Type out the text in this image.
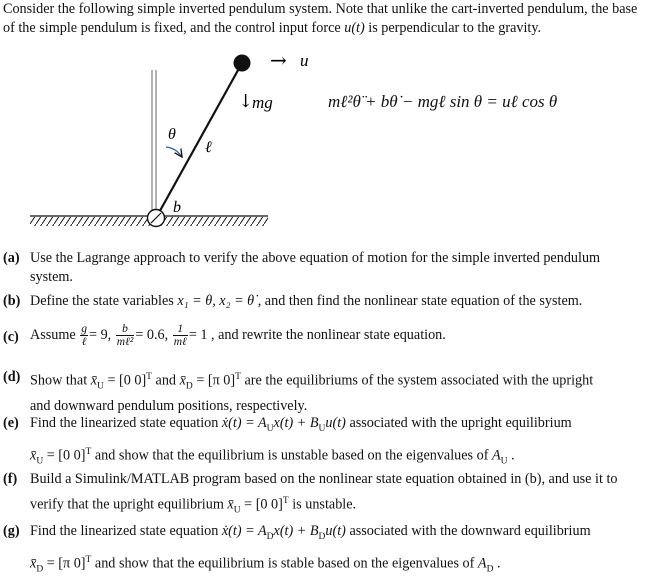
Consider the following simple inverted pendulum system. Note that unlike the cart-inverted pendulum, the base
of the simple pendulum is fixed, and the control input force u(t) is perpendicular to the gravity.
→ u
↓
mg
θ
ℓ
b
mℓ²θ̈ + bθ̇ − mgℓ sin θ = uℓ cos θ
(a) Use the Lagrange approach to verify the above equation of motion for the simple inverted pendulum
system.
(b) Define the state variables x₁ = θ, x₂ = θ̇ , and then find the nonlinear state equation of the system.
(c) Assume $\frac{g}{\text{ℓ}} = 9$, $\frac{b}{\text{mℓ²}} = 0.6$, $\frac{1}{\text{mℓ}} = 1$ , and rewrite the nonlinear state equation.
(d) Show that $x̄_U = [0$ 0]$^T$ and $x̄_D = [\pi$ 0]$^T$ are the equilibriums of the system associated with the upright
and downward pendulum positions, respectively.
(e) Find the linearized state equation ẋ(t) = $A_Ux(t) + B_Uu(t)$ associated with the upright equilibrium
$x̄_U = [0$ 0]$^T$ and show that the equilibrium is unstable based on the eigenvalues of $A_U$ .
(f) Build a Simulink/MATLAB program based on the nonlinear state equation obtained in (b), and use it to
verify that the upright equilibrium $x̄_U = [0$ 0]$^T$ is unstable.
(g) Find the linearized state equation ẋ(t) = $A_Dx(t) + B_Du(t)$ associated with the downward equilibrium
$x̄_D = [\pi$ 0]$^T$ and show that the equilibrium is stable based on the eigenvalues of $A_D$ .
